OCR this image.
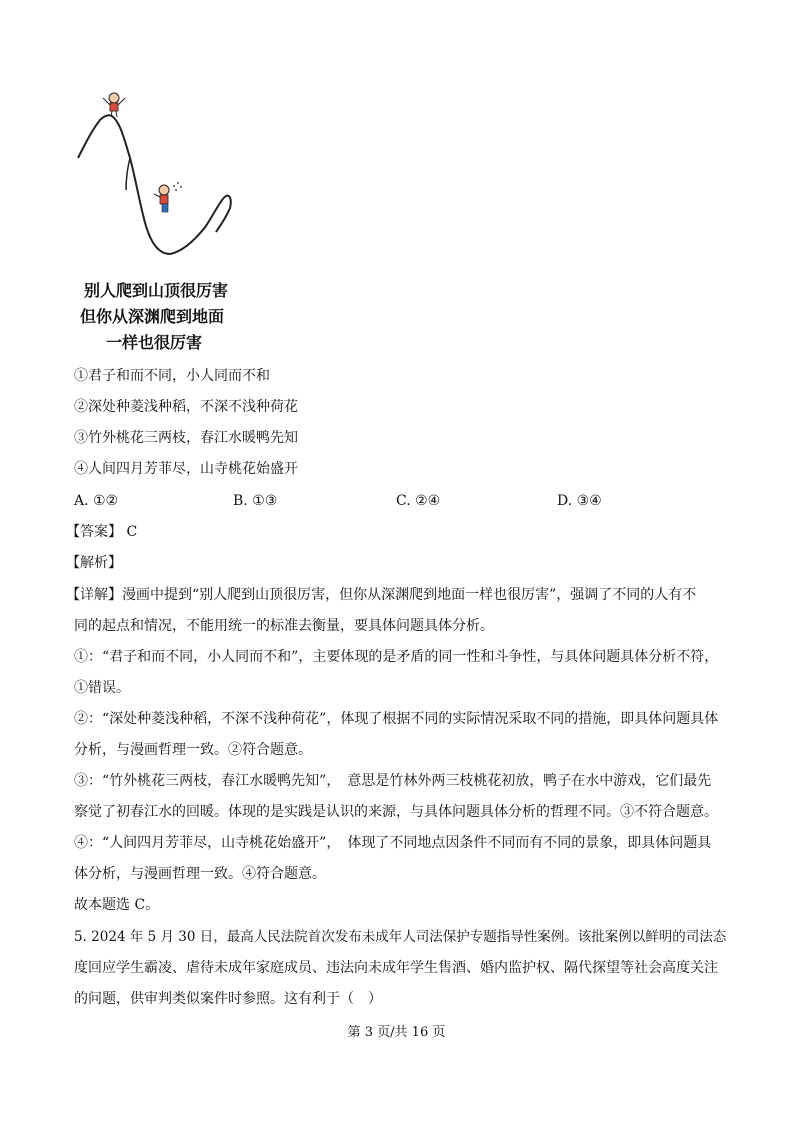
别人爬到山顶很厉害
但你从深渊爬到地面
一样也很厉害
①君子和而不同，小人同而不和
②深处种菱浅种稻，不深不浅种荷花
③竹外桃花三两枝，春江水暖鸭先知
④人间四月芳菲尽，山寺桃花始盛开
A. ①②	B. ①③	C. ②④	D. ③④
【答案】 C
【解析】
【详解】漫画中提到“别人爬到山顶很厉害，但你从深渊爬到地面一样也很厉害”，强调了不同的人有不
同的起点和情况，不能用统一的标准去衡量，要具体问题具体分析。
①：“君子和而不同，小人同而不和”，主要体现的是矛盾的同一性和斗争性，与具体问题具体分析不符，
①错误。
②：“深处种菱浅种稻，不深不浅种荷花”，体现了根据不同的实际情况采取不同的措施，即具体问题具体
分析，与漫画哲理一致。②符合题意。
③：“竹外桃花三两枝，春江水暖鸭先知”，　意思是竹林外两三枝桃花初放，鸭子在水中游戏，它们最先
察觉了初春江水的回暖。体现的是实践是认识的来源，与具体问题具体分析的哲理不同。③不符合题意。
④：“人间四月芳菲尽，山寺桃花始盛开”，　体现了不同地点因条件不同而有不同的景象，即具体问题具
体分析，与漫画哲理一致。④符合题意。
故本题选 C。
5. 2024 年 5 月 30 日，最高人民法院首次发布未成年人司法保护专题指导性案例。该批案例以鲜明的司法态
度回应学生霸凌、虐待未成年家庭成员、违法向未成年学生售酒、婚内监护权、隔代探望等社会高度关注
的问题，供审判类似案件时参照。这有利于（　）
第 3 页/共 16 页
